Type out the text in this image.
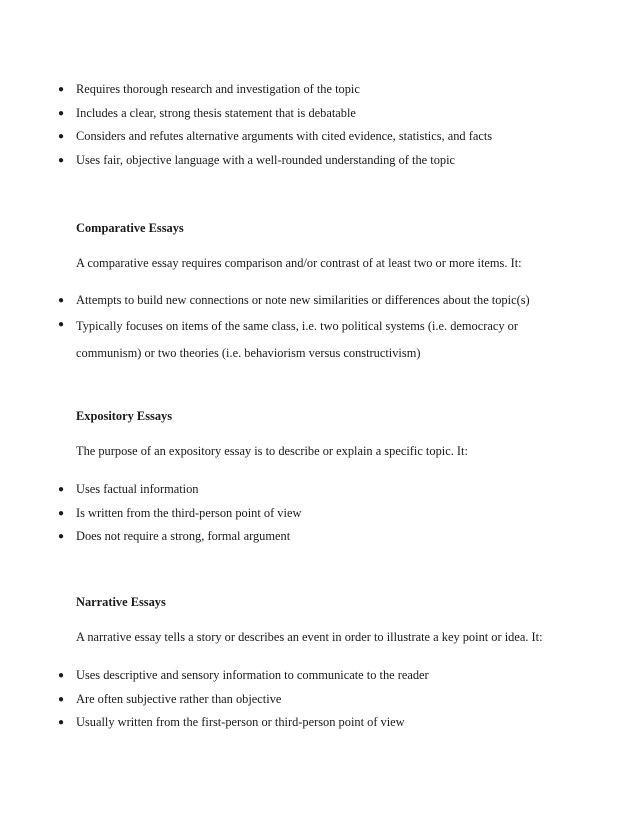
● Requires thorough research and investigation of the topic
● Includes a clear, strong thesis statement that is debatable
● Considers and refutes alternative arguments with cited evidence, statistics, and facts
● Uses fair, objective language with a well-rounded understanding of the topic

Comparative Essays

A comparative essay requires comparison and/or contrast of at least two or more items. It:

● Attempts to build new connections or note new similarities or differences about the topic(s)
● Typically focuses on items of the same class, i.e. two political systems (i.e. democracy or communism) or two theories (i.e. behaviorism versus constructivism)

Expository Essays

The purpose of an expository essay is to describe or explain a specific topic. It:

● Uses factual information
● Is written from the third-person point of view
● Does not require a strong, formal argument

Narrative Essays

A narrative essay tells a story or describes an event in order to illustrate a key point or idea. It:

● Uses descriptive and sensory information to communicate to the reader
● Are often subjective rather than objective
● Usually written from the first-person or third-person point of view
